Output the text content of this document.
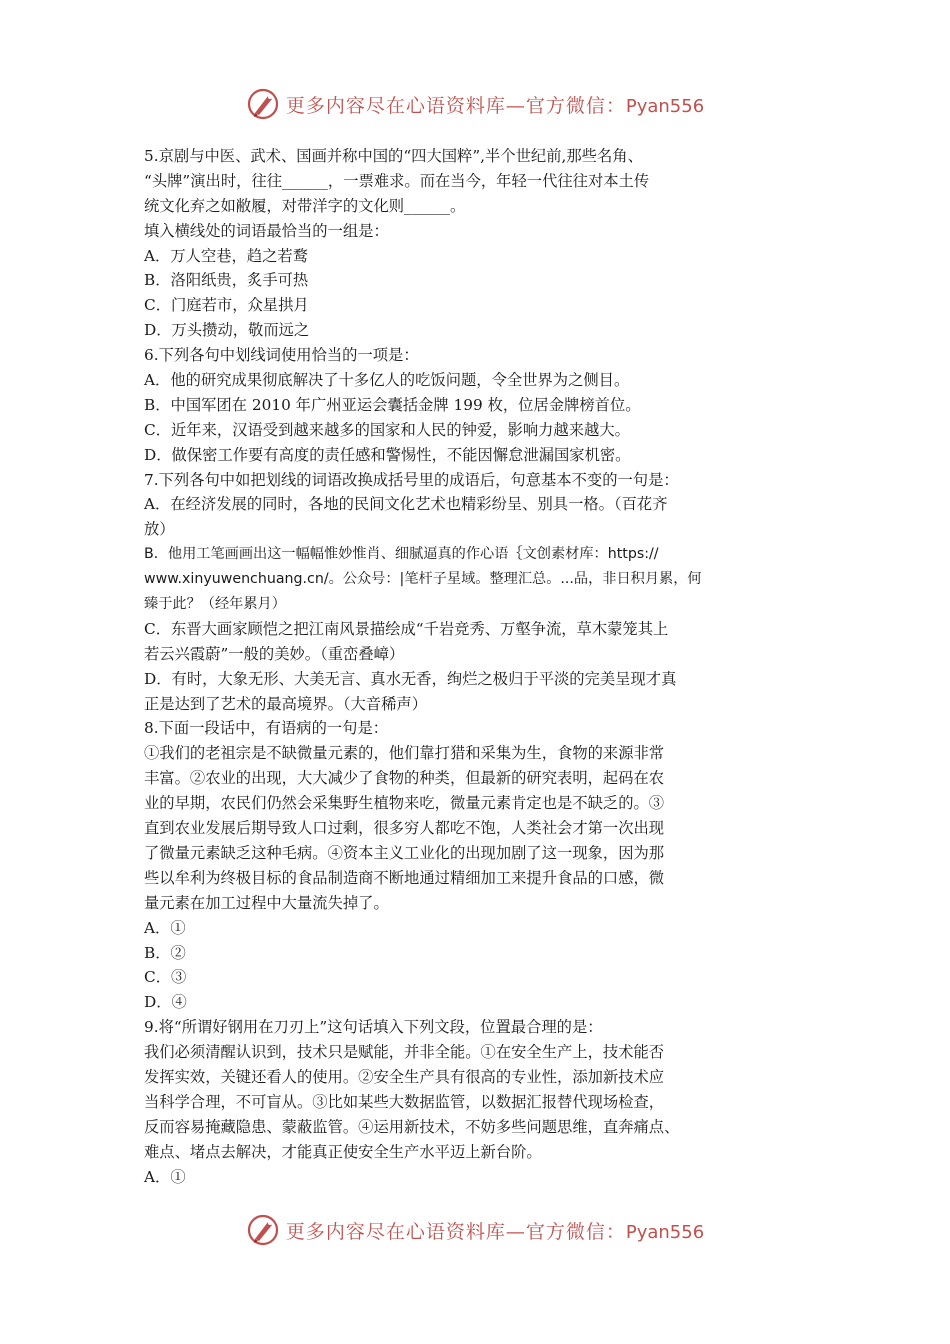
更多内容尽在心语资料库—官方微信：Pyan556
5.京剧与中医、武术、国画并称中国的“四大国粹”,半个世纪前,那些名角、
“头牌”演出时，往往______，一票难求。而在当今，年轻一代往往对本土传
统文化弃之如敝履，对带洋字的文化则______。
填入横线处的词语最恰当的一组是：
A．万人空巷，趋之若鹜
B．洛阳纸贵，炙手可热
C．门庭若市，众星拱月
D．万头攒动，敬而远之
6.下列各句中划线词使用恰当的一项是：
A．他的研究成果彻底解决了十多亿人的吃饭问题，令全世界为之侧目。
B．中国军团在 2010 年广州亚运会囊括金牌 199 枚，位居金牌榜首位。
C．近年来，汉语受到越来越多的国家和人民的钟爱，影响力越来越大。
D．做保密工作要有高度的责任感和警惕性，不能因懈怠泄漏国家机密。
7.下列各句中如把划线的词语改换成括号里的成语后，句意基本不变的一句是：
A．在经济发展的同时，各地的民间文化艺术也精彩纷呈、别具一格。（百花齐
放）
B．他用工笔画画出这一幅幅惟妙惟肖、细腻逼真的作心语｛文创素材库：https://
www.xinyuwenchuang.cn/。公众号：|笔杆子星域。整理汇总。...品，非日积月累，何
臻于此？（经年累月）
C．东晋大画家顾恺之把江南风景描绘成“千岩竞秀、万壑争流，草木蒙笼其上
若云兴霞蔚”一般的美妙。（重峦叠嶂）
D．有时，大象无形、大美无言、真水无香，绚烂之极归于平淡的完美呈现才真
正是达到了艺术的最高境界。（大音稀声）
8.下面一段话中，有语病的一句是：
①我们的老祖宗是不缺微量元素的，他们靠打猎和采集为生，食物的来源非常
丰富。②农业的出现，大大减少了食物的种类，但最新的研究表明，起码在农
业的早期，农民们仍然会采集野生植物来吃，微量元素肯定也是不缺乏的。③
直到农业发展后期导致人口过剩，很多穷人都吃不饱，人类社会才第一次出现
了微量元素缺乏这种毛病。④资本主义工业化的出现加剧了这一现象，因为那
些以牟利为终极目标的食品制造商不断地通过精细加工来提升食品的口感，微
量元素在加工过程中大量流失掉了。
A．①
B．②
C．③
D．④
9.将“所谓好钢用在刀刃上”这句话填入下列文段，位置最合理的是：
我们必须清醒认识到，技术只是赋能，并非全能。①在安全生产上，技术能否
发挥实效，关键还看人的使用。②安全生产具有很高的专业性，添加新技术应
当科学合理，不可盲从。③比如某些大数据监管，以数据汇报替代现场检查，
反而容易掩藏隐患、蒙蔽监管。④运用新技术，不妨多些问题思维，直奔痛点、
难点、堵点去解决，才能真正使安全生产水平迈上新台阶。
A．①
更多内容尽在心语资料库—官方微信：Pyan556
